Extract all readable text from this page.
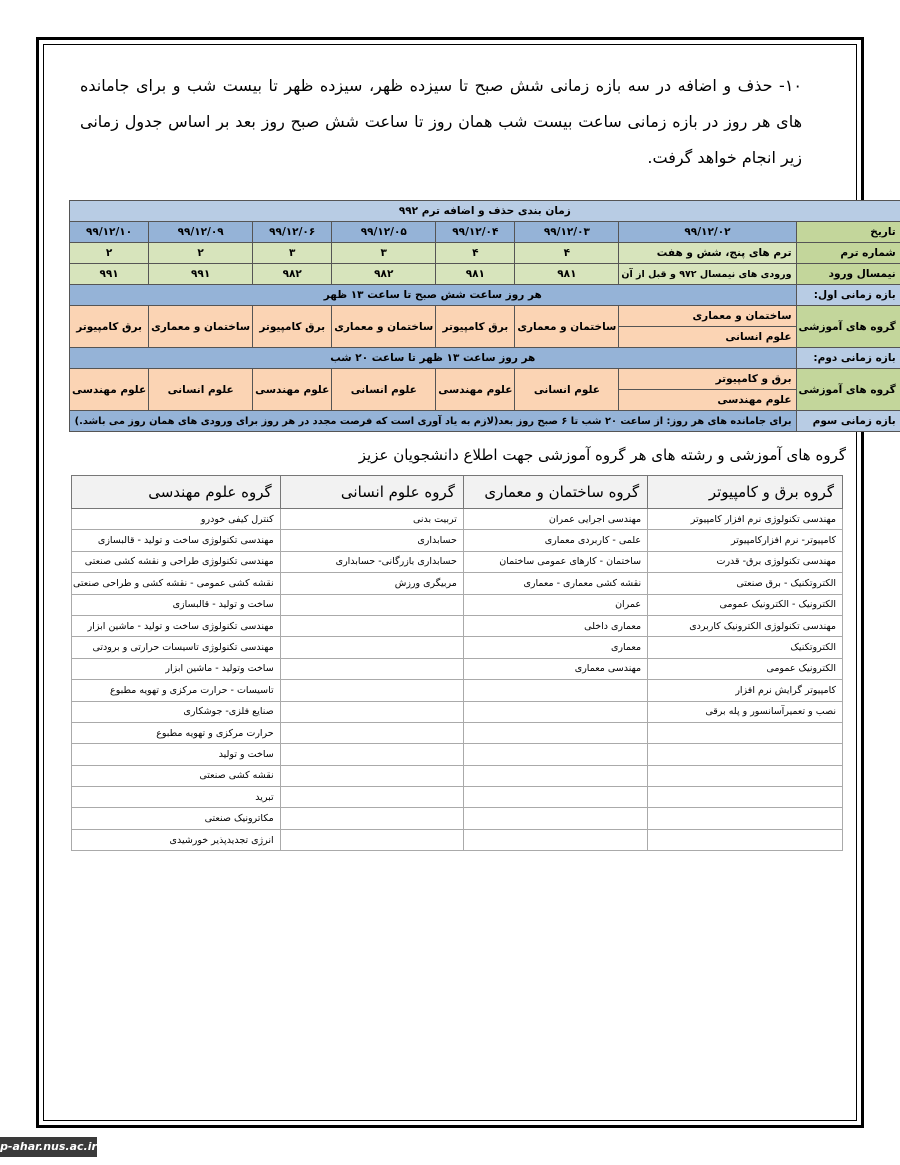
۱۰- حذف و اضافه در سه بازه زمانی شش صبح تا سیزده ظهر، سیزده ظهر تا بیست شب و برای جامانده های هر روز در بازه زمانی ساعت بیست شب همان روز تا ساعت شش صبح روز بعد بر اساس جدول زمانی زیر انجام خواهد گرفت.

زمان بندی حذف و اضافه ترم ۹۹۲							
تاریخ	۹۹/۱۲/۰۲	۹۹/۱۲/۰۳	۹۹/۱۲/۰۴	۹۹/۱۲/۰۵	۹۹/۱۲/۰۶	۹۹/۱۲/۰۹	۹۹/۱۲/۱۰
شماره ترم	ترم های پنج، شش و هفت	۴	۴	۳	۳	۲	۲
نیمسال ورود	ورودی های نیمسال ۹۷۲ و قبل از آن	۹۸۱	۹۸۱	۹۸۲	۹۸۲	۹۹۱	۹۹۱
بازه زمانی اول:	هر روز ساعت شش صبح تا ساعت ۱۳ ظهر						
گروه های آموزشی	ساختمان و معماری	ساختمان و معماری	برق کامپیوتر	ساختمان و معماری	برق کامپیوتر	ساختمان و معماری	برق کامپیوتر
	علوم انسانی						
بازه زمانی دوم:	هر روز ساعت ۱۳ ظهر تا ساعت ۲۰ شب						
گروه های آموزشی	برق و کامپیوتر	علوم انسانی	علوم مهندسی	علوم انسانی	علوم مهندسی	علوم انسانی	علوم مهندسی
	علوم مهندسی						
بازه زمانی سوم	برای جامانده های هر روز: از ساعت ۲۰ شب تا ۶ صبح روز بعد(لازم به یاد آوری است که فرصت مجدد در هر روز برای ورودی های همان روز می باشد.)						
گروه های آموزشی و رشته های هر گروه آموزشی جهت اطلاع دانشجویان عزیز
گروه برق و کامپیوتر	گروه ساختمان و معماری	گروه علوم انسانی	گروه علوم مهندسی
مهندسی تکنولوژی نرم افزار کامپیوتر	مهندسی اجرایی عمران	تربیت بدنی	کنترل کیفی خودرو
کامپیوتر- نرم افزارکامپیوتر	علمی - کاربردی معماری	حسابداری	مهندسی تکنولوژی ساخت و تولید - قالبسازی
مهندسی تکنولوژی برق- قدرت	ساختمان - کارهای عمومی ساختمان	حسابداری بازرگانی- حسابداری	مهندسی تکنولوژی طراحی و نقشه کشی صنعتی
الکتروتکنیک - برق صنعتی	نقشه کشی معماری - معماری	مربیگری ورزش	نقشه کشی عمومی - نقشه کشی و طراحی صنعتی
الکترونیک - الکترونیک عمومی	عمران		ساخت و تولید - قالبسازی
مهندسی تکنولوژی الکترونیک کاربردی	معماری داخلی		مهندسی تکنولوژی ساخت و تولید - ماشین ابزار
الکتروتکنیک	معماری		مهندسی تکنولوژی تاسیسات حرارتی و برودتی
الکترونیک عمومی	مهندسی معماری		ساخت وتولید - ماشین ابزار
کامپیوتر گرایش نرم افزار			تاسیسات - حرارت مرکزی و تهویه مطبوع
نصب و تعمیرآسانسور و پله برقی			صنایع فلزی- جوشکاری
			حرارت مرکزی و تهویه مطبوع
			ساخت و تولید
			نقشه کشی صنعتی
			تبرید
			مکاترونیک صنعتی
			انرژی تجدیدپذیر خورشیدی
p-ahar.nus.ac.ir
